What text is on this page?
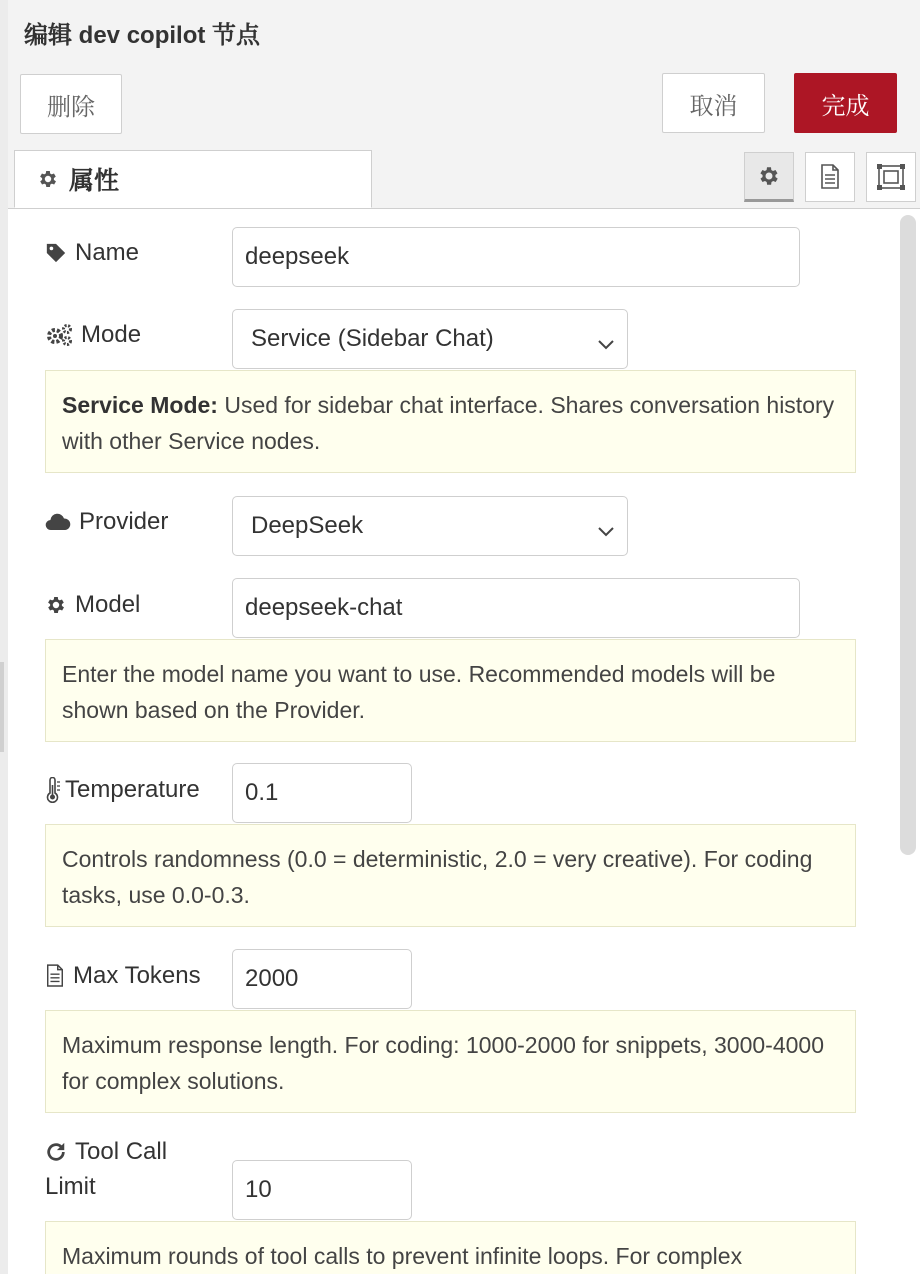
编辑 dev copilot 节点
删除	取消	完成
属性
Name	deepseek
Mode	Service (Sidebar Chat)
Service Mode: Used for sidebar chat interface. Shares conversation history with other Service nodes.
Provider	DeepSeek
Model	deepseek-chat
Enter the model name you want to use. Recommended models will be shown based on the Provider.
Temperature	0.1
Controls randomness (0.0 = deterministic, 2.0 = very creative). For coding tasks, use 0.0-0.3.
Max Tokens	2000
Maximum response length. For coding: 1000-2000 for snippets, 3000-4000 for complex solutions.
Tool Call
Limit	10
Maximum rounds of tool calls to prevent infinite loops. For complex
